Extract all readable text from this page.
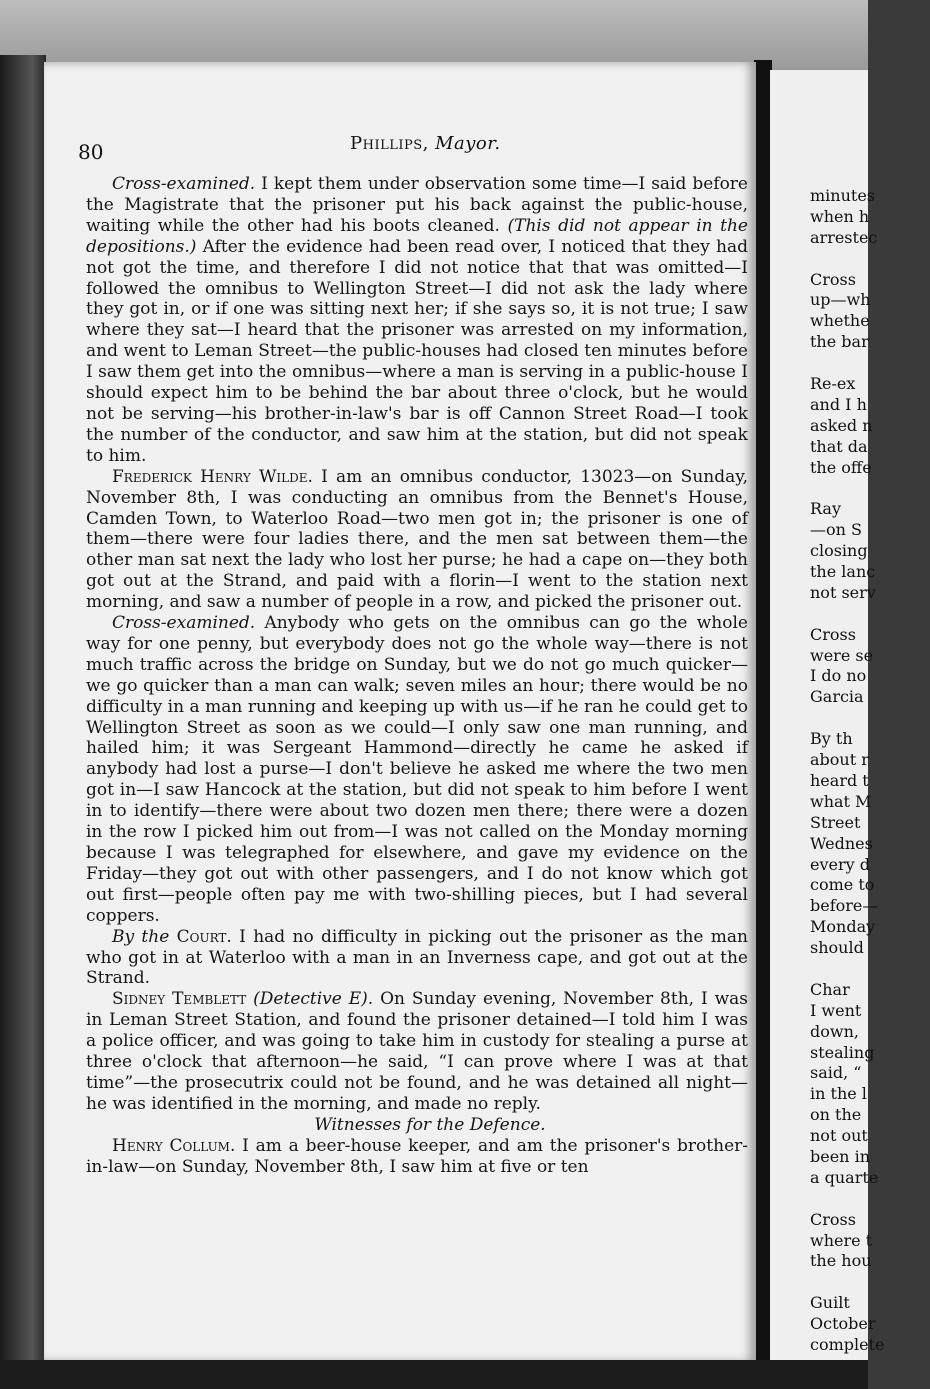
80	Phillips, Mayor.

Cross-examined. I kept them under observation some time—I said before the Magistrate that the prisoner put his back against the public-house, waiting while the other had his boots cleaned. (This did not appear in the depositions.) After the evidence had been read over, I noticed that they had not got the time, and therefore I did not notice that that was omitted—I followed the omnibus to Wellington Street—I did not ask the lady where they got in, or if one was sitting next her; if she says so, it is not true; I saw where they sat—I heard that the prisoner was arrested on my information, and went to Leman Street—the public-houses had closed ten minutes before I saw them get into the omnibus—where a man is serving in a public-house I should expect him to be behind the bar about three o'clock, but he would not be serving—his brother-in-law's bar is off Cannon Street Road—I took the number of the conductor, and saw him at the station, but did not speak to him.

Frederick Henry Wilde. I am an omnibus conductor, 13023—on Sunday, November 8th, I was conducting an omnibus from the Bennet's House, Camden Town, to Waterloo Road—two men got in; the prisoner is one of them—there were four ladies there, and the men sat between them—the other man sat next the lady who lost her purse; he had a cape on—they both got out at the Strand, and paid with a florin—I went to the station next morning, and saw a number of people in a row, and picked the prisoner out.

Cross-examined. Anybody who gets on the omnibus can go the whole way for one penny, but everybody does not go the whole way—there is not much traffic across the bridge on Sunday, but we do not go much quicker—we go quicker than a man can walk; seven miles an hour; there would be no difficulty in a man running and keeping up with us—if he ran he could get to Wellington Street as soon as we could—I only saw one man running, and hailed him; it was Sergeant Hammond—directly he came he asked if anybody had lost a purse—I don't believe he asked me where the two men got in—I saw Hancock at the station, but did not speak to him before I went in to identify—there were about two dozen men there; there were a dozen in the row I picked him out from—I was not called on the Monday morning because I was telegraphed for elsewhere, and gave my evidence on the Friday—they got out with other passengers, and I do not know which got out first—people often pay me with two-shilling pieces, but I had several coppers.

By the Court. I had no difficulty in picking out the prisoner as the man who got in at Waterloo with a man in an Inverness cape, and got out at the Strand.

Sidney Temblett (Detective E). On Sunday evening, November 8th, I was in Leman Street Station, and found the prisoner detained—I told him I was a police officer, and was going to take him in custody for stealing a purse at three o'clock that afternoon—he said, “I can prove where I was at that time”—the prosecutrix could not be found, and he was detained all night—he was identified in the morning, and made no reply.

Witnesses for the Defence.

Henry Collum. I am a beer-house keeper, and am the prisoner's brother-in-law—on Sunday, November 8th, I saw him at five or ten

minutes
when h
arrestec
Cross
up—wh
whethe
the bar
Re-ex
and I h
asked n
that da
the offe
Ray
—on S
closing
the lanc
not serv
Cross
were se
I do no
Garcia
By th
about r
heard t
what M
Street
Wednes
every d
come to
before—
Monday
should
Char
I went
down,
stealing
said, “
in the l
on the
not out
been in
a quarte
Cross
where t
the hou
Guilt
October
complete
